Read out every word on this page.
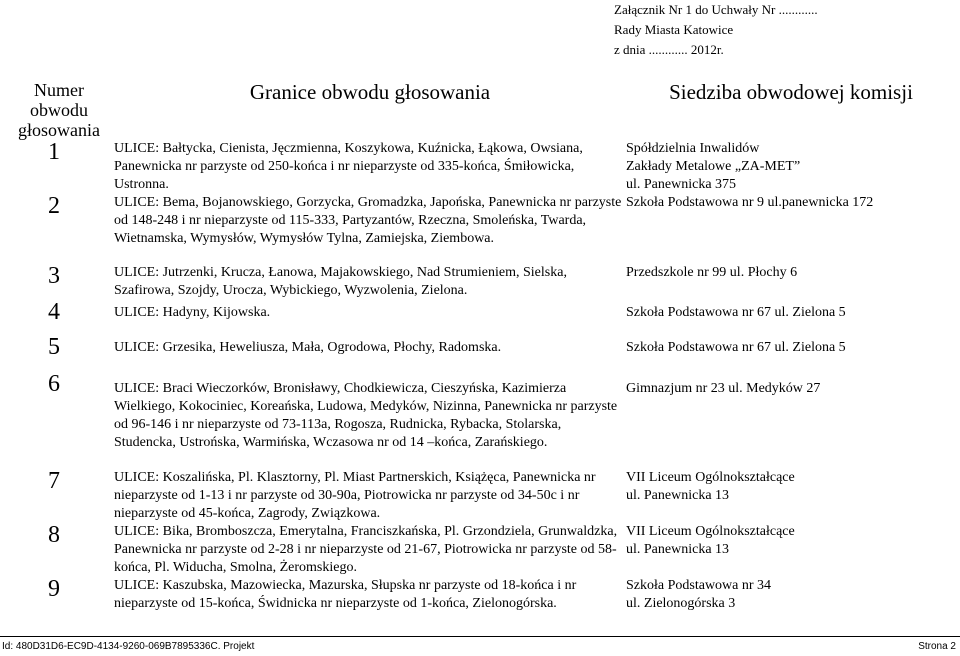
Załącznik Nr 1 do Uchwały Nr ............
Rady Miasta Katowice
z dnia ............ 2012r.
Numer obwodu głosowania	Granice obwodu głosowania	Siedziba obwodowej komisji

1	ULICE: Bałtycka, Cienista, Jęczmienna, Koszykowa, Kuźnicka, Łąkowa, Owsiana, Panewnicka nr parzyste od 250-końca i nr nieparzyste od 335-końca, Śmiłowicka, Ustronna.	Spółdzielnia Inwalidów
Zakłady Metalowe „ZA-MET”
ul. Panewnicka 375

2	ULICE: Bema, Bojanowskiego, Gorzycka, Gromadzka, Japońska, Panewnicka nr parzyste od 148-248 i nr nieparzyste od 115-333, Partyzantów, Rzeczna, Smoleńska, Twarda, Wietnamska, Wymysłów, Wymysłów Tylna, Zamiejska, Ziembowa.	Szkoła Podstawowa nr 9 ul.panewnicka 172

3	ULICE: Jutrzenki, Krucza, Łanowa, Majakowskiego, Nad Strumieniem, Sielska, Szafirowa, Szojdy, Urocza, Wybickiego, Wyzwolenia, Zielona.	Przedszkole nr 99 ul. Płochy 6

4	ULICE: Hadyny, Kijowska.	Szkoła Podstawowa nr 67 ul. Zielona 5

5	ULICE: Grzesika, Heweliusza, Mała, Ogrodowa, Płochy, Radomska.	Szkoła Podstawowa nr 67 ul. Zielona 5

6	ULICE: Braci Wieczorków, Bronisławy, Chodkiewicza, Cieszyńska, Kazimierza Wielkiego, Kokociniec, Koreańska, Ludowa, Medyków, Nizinna, Panewnicka nr parzyste od 96-146 i nr nieparzyste od 73-113a, Rogosza, Rudnicka, Rybacka, Stolarska, Studencka, Ustrońska, Warmińska, Wczasowa nr od 14 –końca, Zarańskiego.	Gimnazjum nr 23 ul. Medyków 27

7	ULICE: Koszalińska, Pl. Klasztorny, Pl. Miast Partnerskich, Książęca, Panewnicka nr nieparzyste od 1-13 i nr parzyste od 30-90a, Piotrowicka nr parzyste od 34-50c i nr nieparzyste od 45-końca, Zagrody, Związkowa.	VII Liceum Ogólnokształcące
ul. Panewnicka 13

8	ULICE: Bika, Bromboszcza, Emerytalna, Franciszkańska, Pl. Grzondziela, Grunwaldzka, Panewnicka nr parzyste od 2-28 i nr nieparzyste od 21-67, Piotrowicka nr parzyste od 58-końca, Pl. Widucha, Smolna, Żeromskiego.	VII Liceum Ogólnokształcące
ul. Panewnicka 13

9	ULICE: Kaszubska, Mazowiecka, Mazurska, Słupska nr parzyste od 18-końca i nr nieparzyste od 15-końca, Świdnicka nr nieparzyste od 1-końca, Zielonogórska.	Szkoła Podstawowa nr 34
ul. Zielonogórska 3
Id: 480D31D6-EC9D-4134-9260-069B7895336C. Projekt	Strona 2
